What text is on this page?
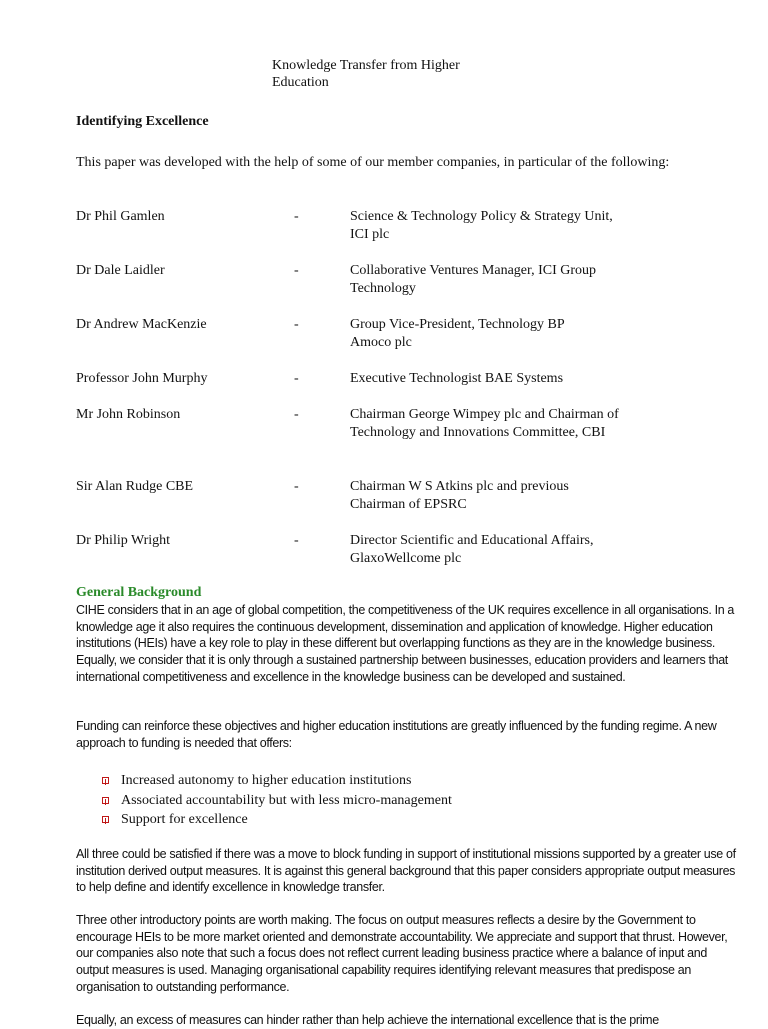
Knowledge Transfer from Higher
Education
Identifying Excellence
This paper was developed with the help of some of our member companies, in particular of the following:
Dr Phil Gamlen	-	Science & Technology Policy & Strategy Unit, ICI plc
Dr Dale Laidler	-	Collaborative Ventures Manager, ICI Group Technology
Dr Andrew MacKenzie	-	Group Vice-President, Technology BP Amoco plc
Professor John Murphy	-	Executive Technologist BAE Systems
Mr John Robinson	-	Chairman George Wimpey plc and Chairman of Technology and Innovations Committee, CBI
Sir Alan Rudge CBE	-	Chairman W S Atkins plc and previous Chairman of EPSRC
Dr Philip Wright	-	Director Scientific and Educational Affairs, GlaxoWellcome plc
General Background
CIHE considers that in an age of global competition, the competitiveness of the UK requires excellence in all organisations. In a knowledge age it also requires the continuous development, dissemination and application of knowledge. Higher education institutions (HEIs) have a key role to play in these different but overlapping functions as they are in the knowledge business. Equally, we consider that it is only through a sustained partnership between businesses, education providers and learners that international competitiveness and excellence in the knowledge business can be developed and sustained.
Funding can reinforce these objectives and higher education institutions are greatly influenced by the funding regime. A new approach to funding is needed that offers:
Increased autonomy to higher education institutions
Associated accountability but with less micro-management
Support for excellence
All three could be satisfied if there was a move to block funding in support of institutional missions supported by a greater use of institution derived output measures. It is against this general background that this paper considers appropriate output measures to help define and identify excellence in knowledge transfer.
Three other introductory points are worth making. The focus on output measures reflects a desire by the Government to encourage HEIs to be more market oriented and demonstrate accountability. We appreciate and support that thrust. However, our companies also note that such a focus does not reflect current leading business practice where a balance of input and output measures is used. Managing organisational capability requires identifying relevant measures that predispose an organisation to outstanding performance.
Equally, an excess of measures can hinder rather than help achieve the international excellence that is the prime
